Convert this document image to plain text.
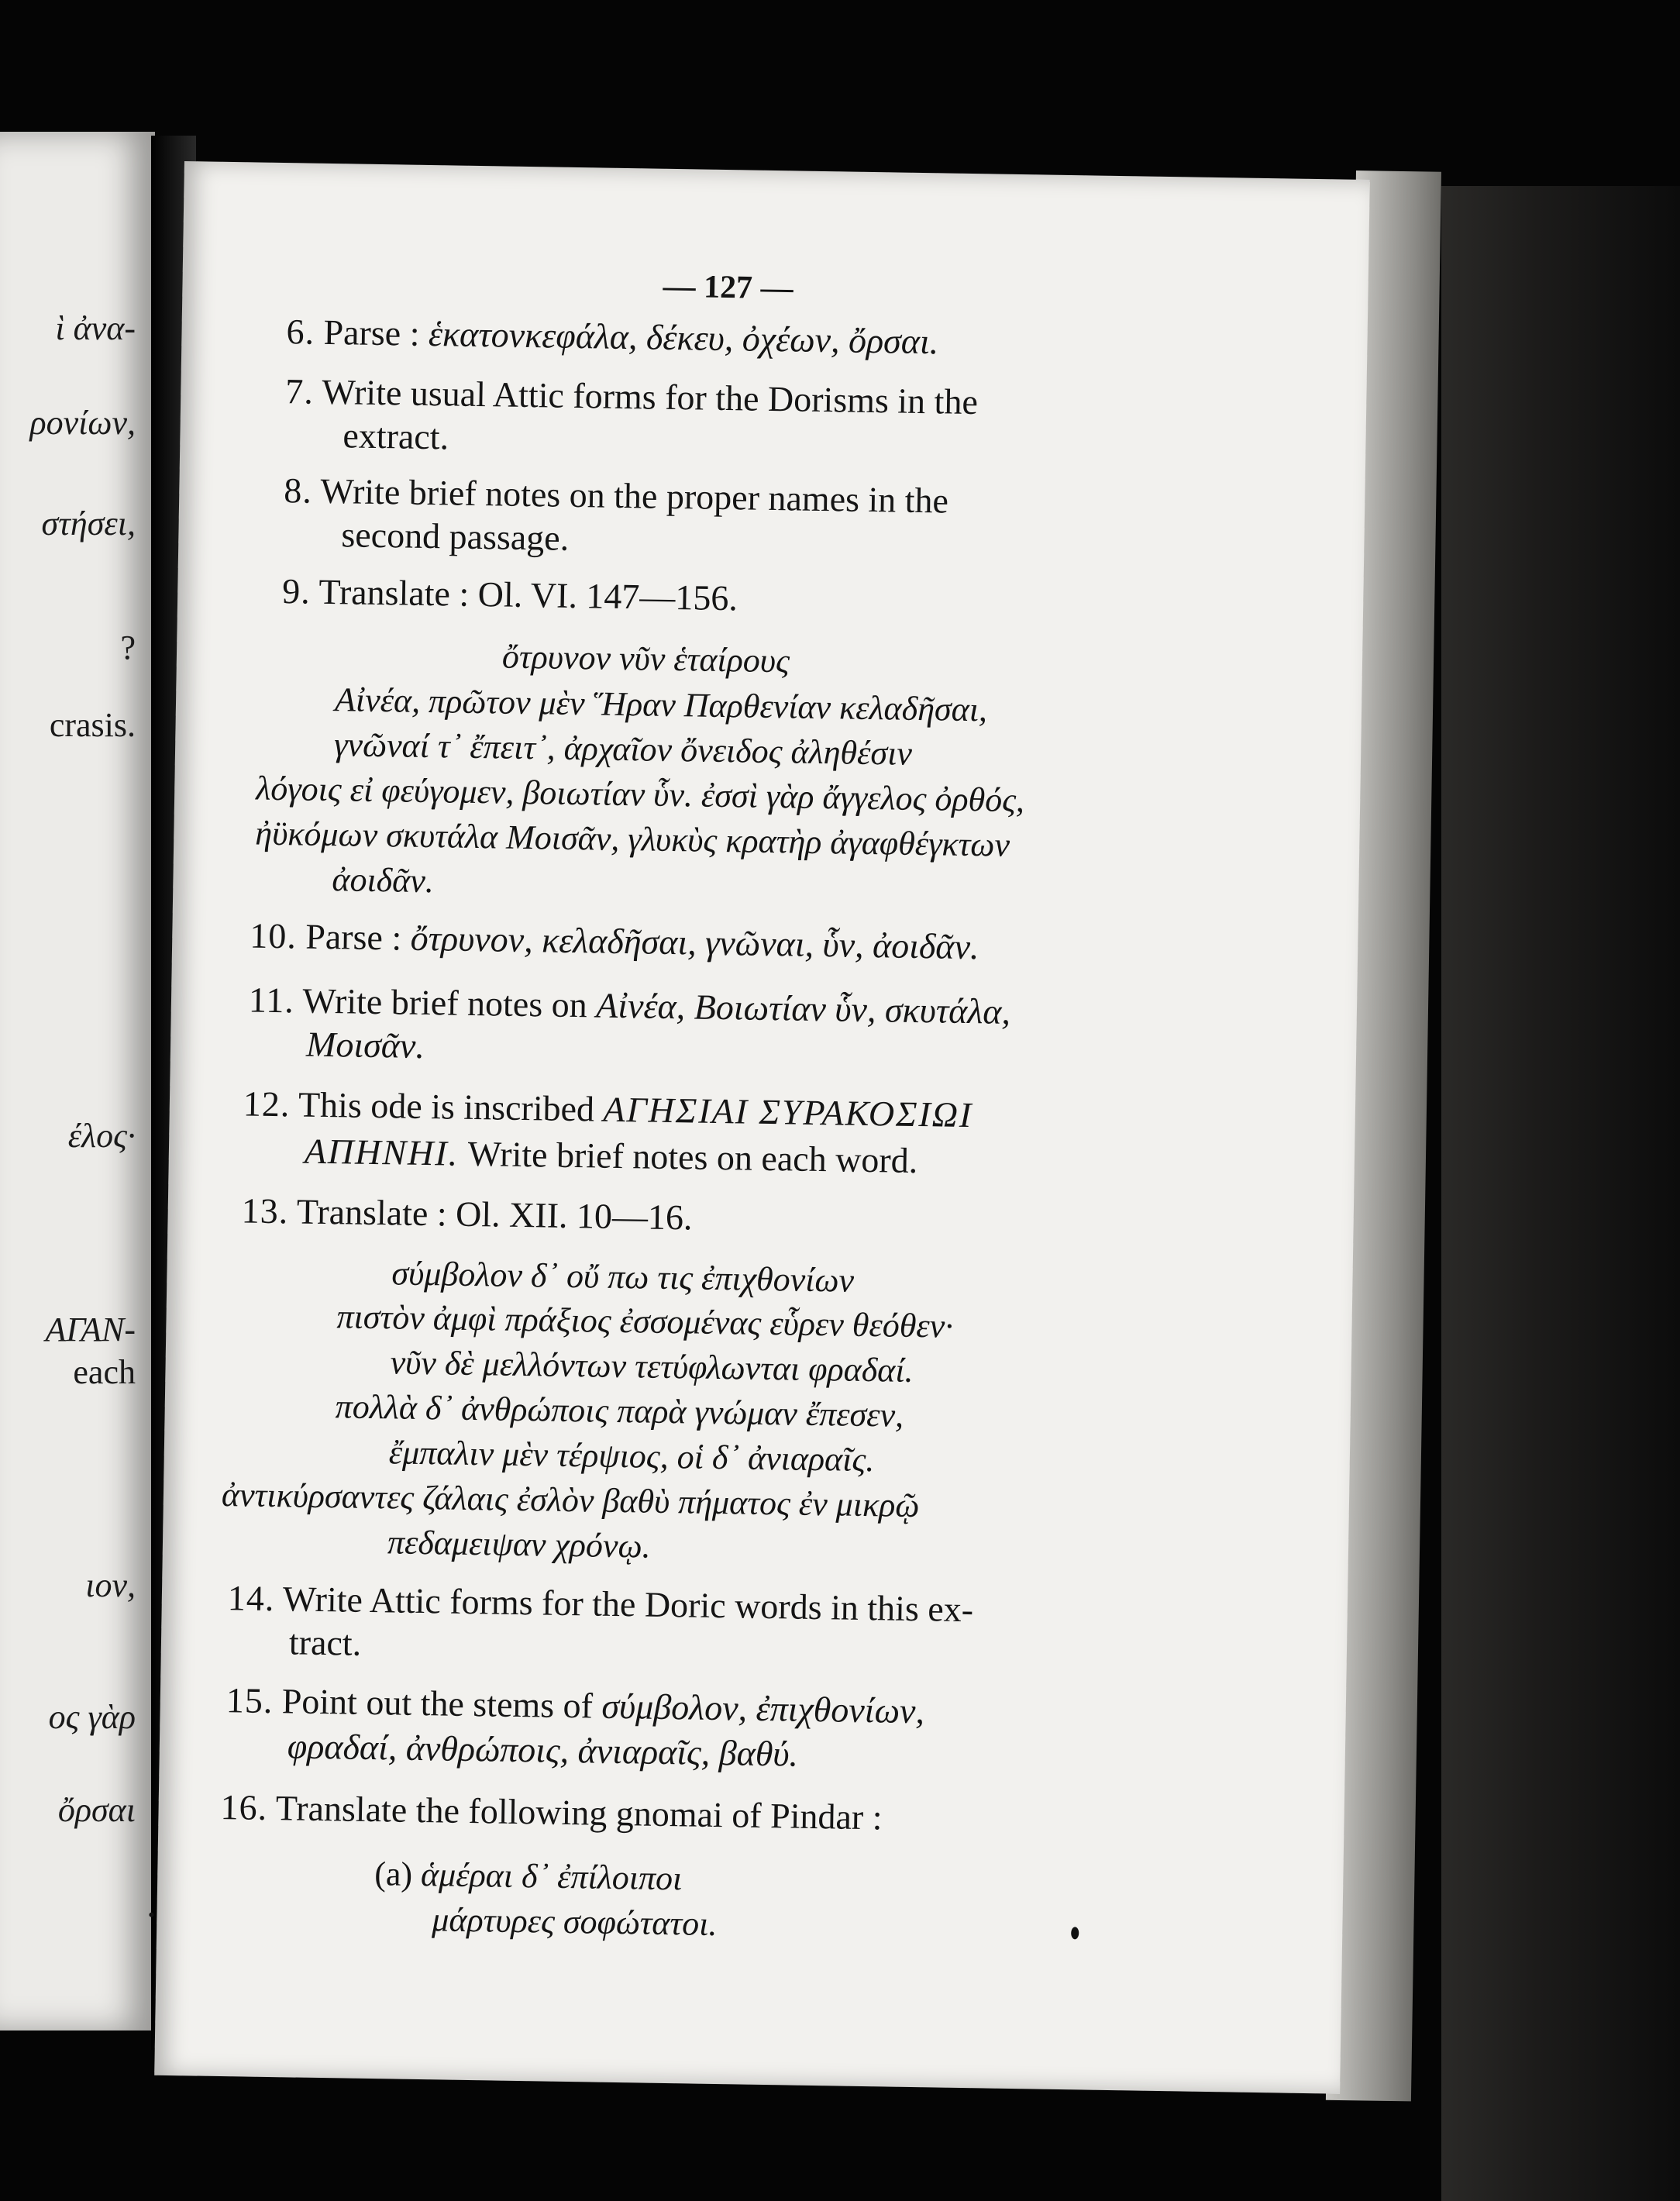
ὶ ἀνα-
ρονίων,
στήσει,
?
crasis.
έλος·
ΑΓΑΝ-
each
ιον,
ος γὰρ
ὄρσαι
— 127 —
6. Parse : ἑκατονκεφάλα, δέκευ, ὀχέων, ὄρσαι.
7. Write usual Attic forms for the Dorisms in the
extract.
8. Write brief notes on the proper names in the
second passage.
9. Translate : Ol. VI. 147—156.
ὄτρυνον νῦν ἑταίρους
Αἰνέα, πρῶτον μὲν Ἥραν Παρθενίαν κελαδῆσαι,
γνῶναί τ᾽ ἔπειτ᾽, ἀρχαῖον ὄνειδος ἀληθέσιν
λόγοις εἰ φεύγομεν, βοιωτίαν ὗν. ἐσσὶ γὰρ ἄγγελος ὀρθός,
ἠϋκόμων σκυτάλα Μοισᾶν, γλυκὺς κρατὴρ ἀγαφθέγκτων
ἀοιδᾶν.
10. Parse : ὄτρυνον, κελαδῆσαι, γνῶναι, ὗν, ἀοιδᾶν.
11. Write brief notes on Αἰνέα, Βοιωτίαν ὗν, σκυτάλα,
Μοισᾶν.
12. This ode is inscribed ΑΓΗΣΙΑΙ ΣΥΡΑΚΟΣΙΩΙ
ΑΠΗΝΗΙ. Write brief notes on each word.
13. Translate : Ol. XII. 10—16.
σύμβολον δ᾽ οὔ πω τις ἐπιχθονίων
πιστὸν ἀμφὶ πράξιος ἐσσομένας εὗρεν θεόθεν·
νῦν δὲ μελλόντων τετύφλωνται φραδαί.
πολλὰ δ᾽ ἀνθρώποις παρὰ γνώμαν ἔπεσεν,
ἔμπαλιν μὲν τέρψιος, οἱ δ᾽ ἀνιαραῖς.
ἀντικύρσαντες ζάλαις ἐσλὸν βαθὺ πήματος ἐν μικρῷ
πεδαμειψαν χρόνῳ.
14. Write Attic forms for the Doric words in this ex-
tract.
15. Point out the stems of σύμβολον, ἐπιχθονίων,
φραδαί, ἀνθρώποις, ἀνιαραῖς, βαθύ.
16. Translate the following gnomai of Pindar :
(a) ἁμέραι δ᾽ ἐπίλοιποι
μάρτυρες σοφώτατοι.
